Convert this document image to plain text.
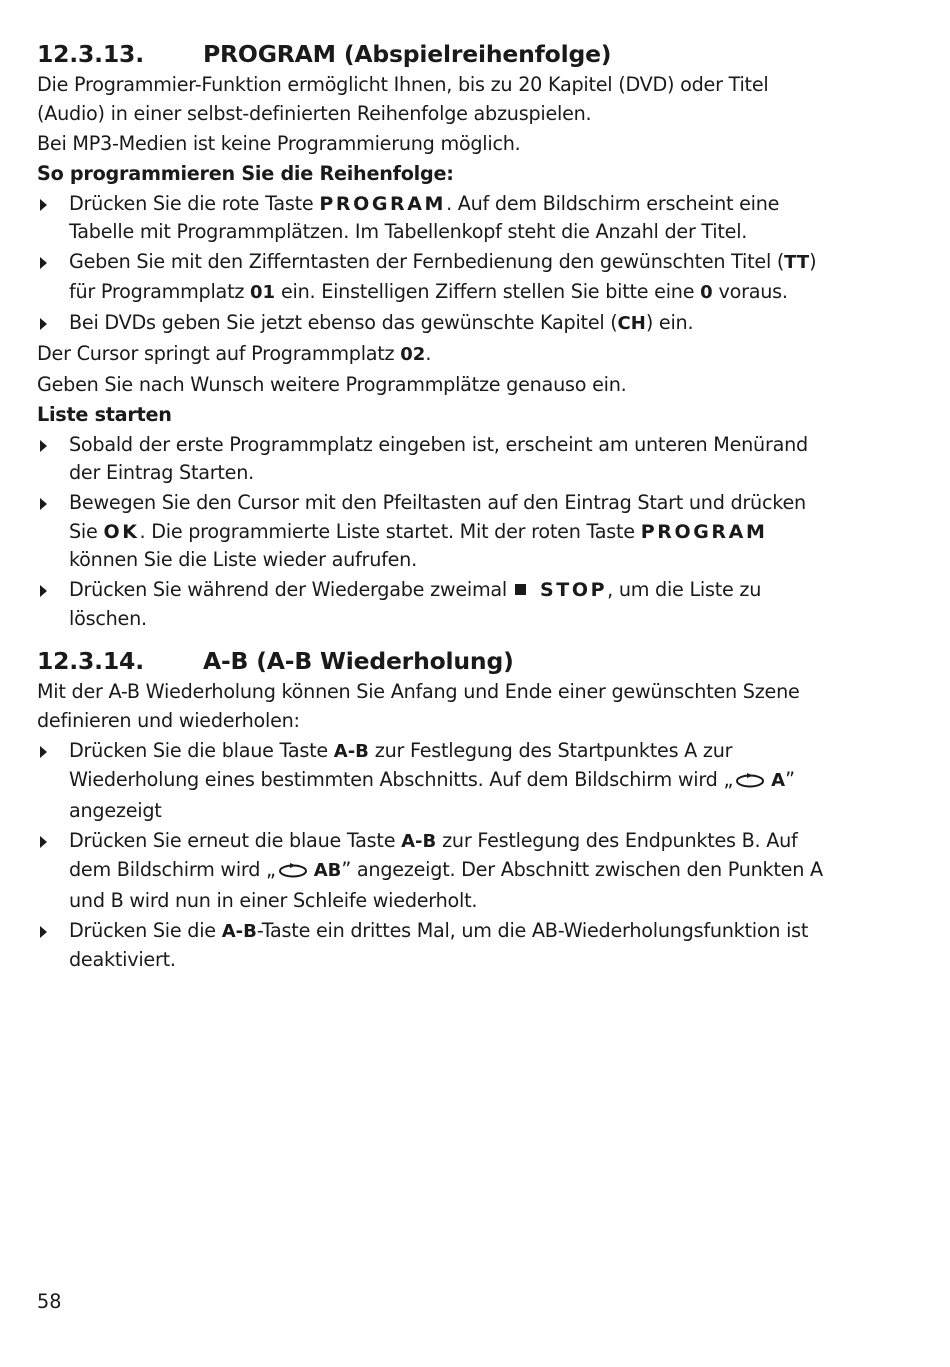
12.3.13.	PROGRAM (Abspielreihenfolge)

Die Programmier-Funktion ermöglicht Ihnen, bis zu 20 Kapitel (DVD) oder Titel (Audio) in einer selbst-definierten Reihenfolge abzuspielen.

Bei MP3-Medien ist keine Programmierung möglich.

So programmieren Sie die Reihenfolge:

Drücken Sie die rote Taste PROGRAM. Auf dem Bildschirm erscheint eine Tabelle mit Programmplätzen. Im Tabellenkopf steht die Anzahl der Titel.
Geben Sie mit den Zifferntasten der Fernbedienung den gewünschten Titel (TT) für Programmplatz 01 ein. Einstelligen Ziffern stellen Sie bitte eine 0 voraus.
Bei DVDs geben Sie jetzt ebenso das gewünschte Kapitel (CH) ein.

Der Cursor springt auf Programmplatz 02.

Geben Sie nach Wunsch weitere Programmplätze genauso ein.

Liste starten

Sobald der erste Programmplatz eingeben ist, erscheint am unteren Menürand der Eintrag Starten.
Bewegen Sie den Cursor mit den Pfeiltasten auf den Eintrag Start und drücken Sie OK. Die programmierte Liste startet. Mit der roten Taste PROGRAM können Sie die Liste wieder aufrufen.
Drücken Sie während der Wiedergabe zweimal STOP, um die Liste zu löschen.
12.3.14.	A-B (A-B Wiederholung)

Mit der A-B Wiederholung können Sie Anfang und Ende einer gewünschten Szene definieren und wiederholen:

Drücken Sie die blaue Taste A-B zur Festlegung des Startpunktes A zur Wiederholung eines bestimmten Abschnitts. Auf dem Bildschirm wird „ A” angezeigt
Drücken Sie erneut die blaue Taste A-B zur Festlegung des Endpunktes B. Auf dem Bildschirm wird „ AB” angezeigt. Der Abschnitt zwischen den Punkten A und B wird nun in einer Schleife wiederholt.
Drücken Sie die A-B-Taste ein drittes Mal, um die AB-Wiederholungsfunktion ist deaktiviert.
58
